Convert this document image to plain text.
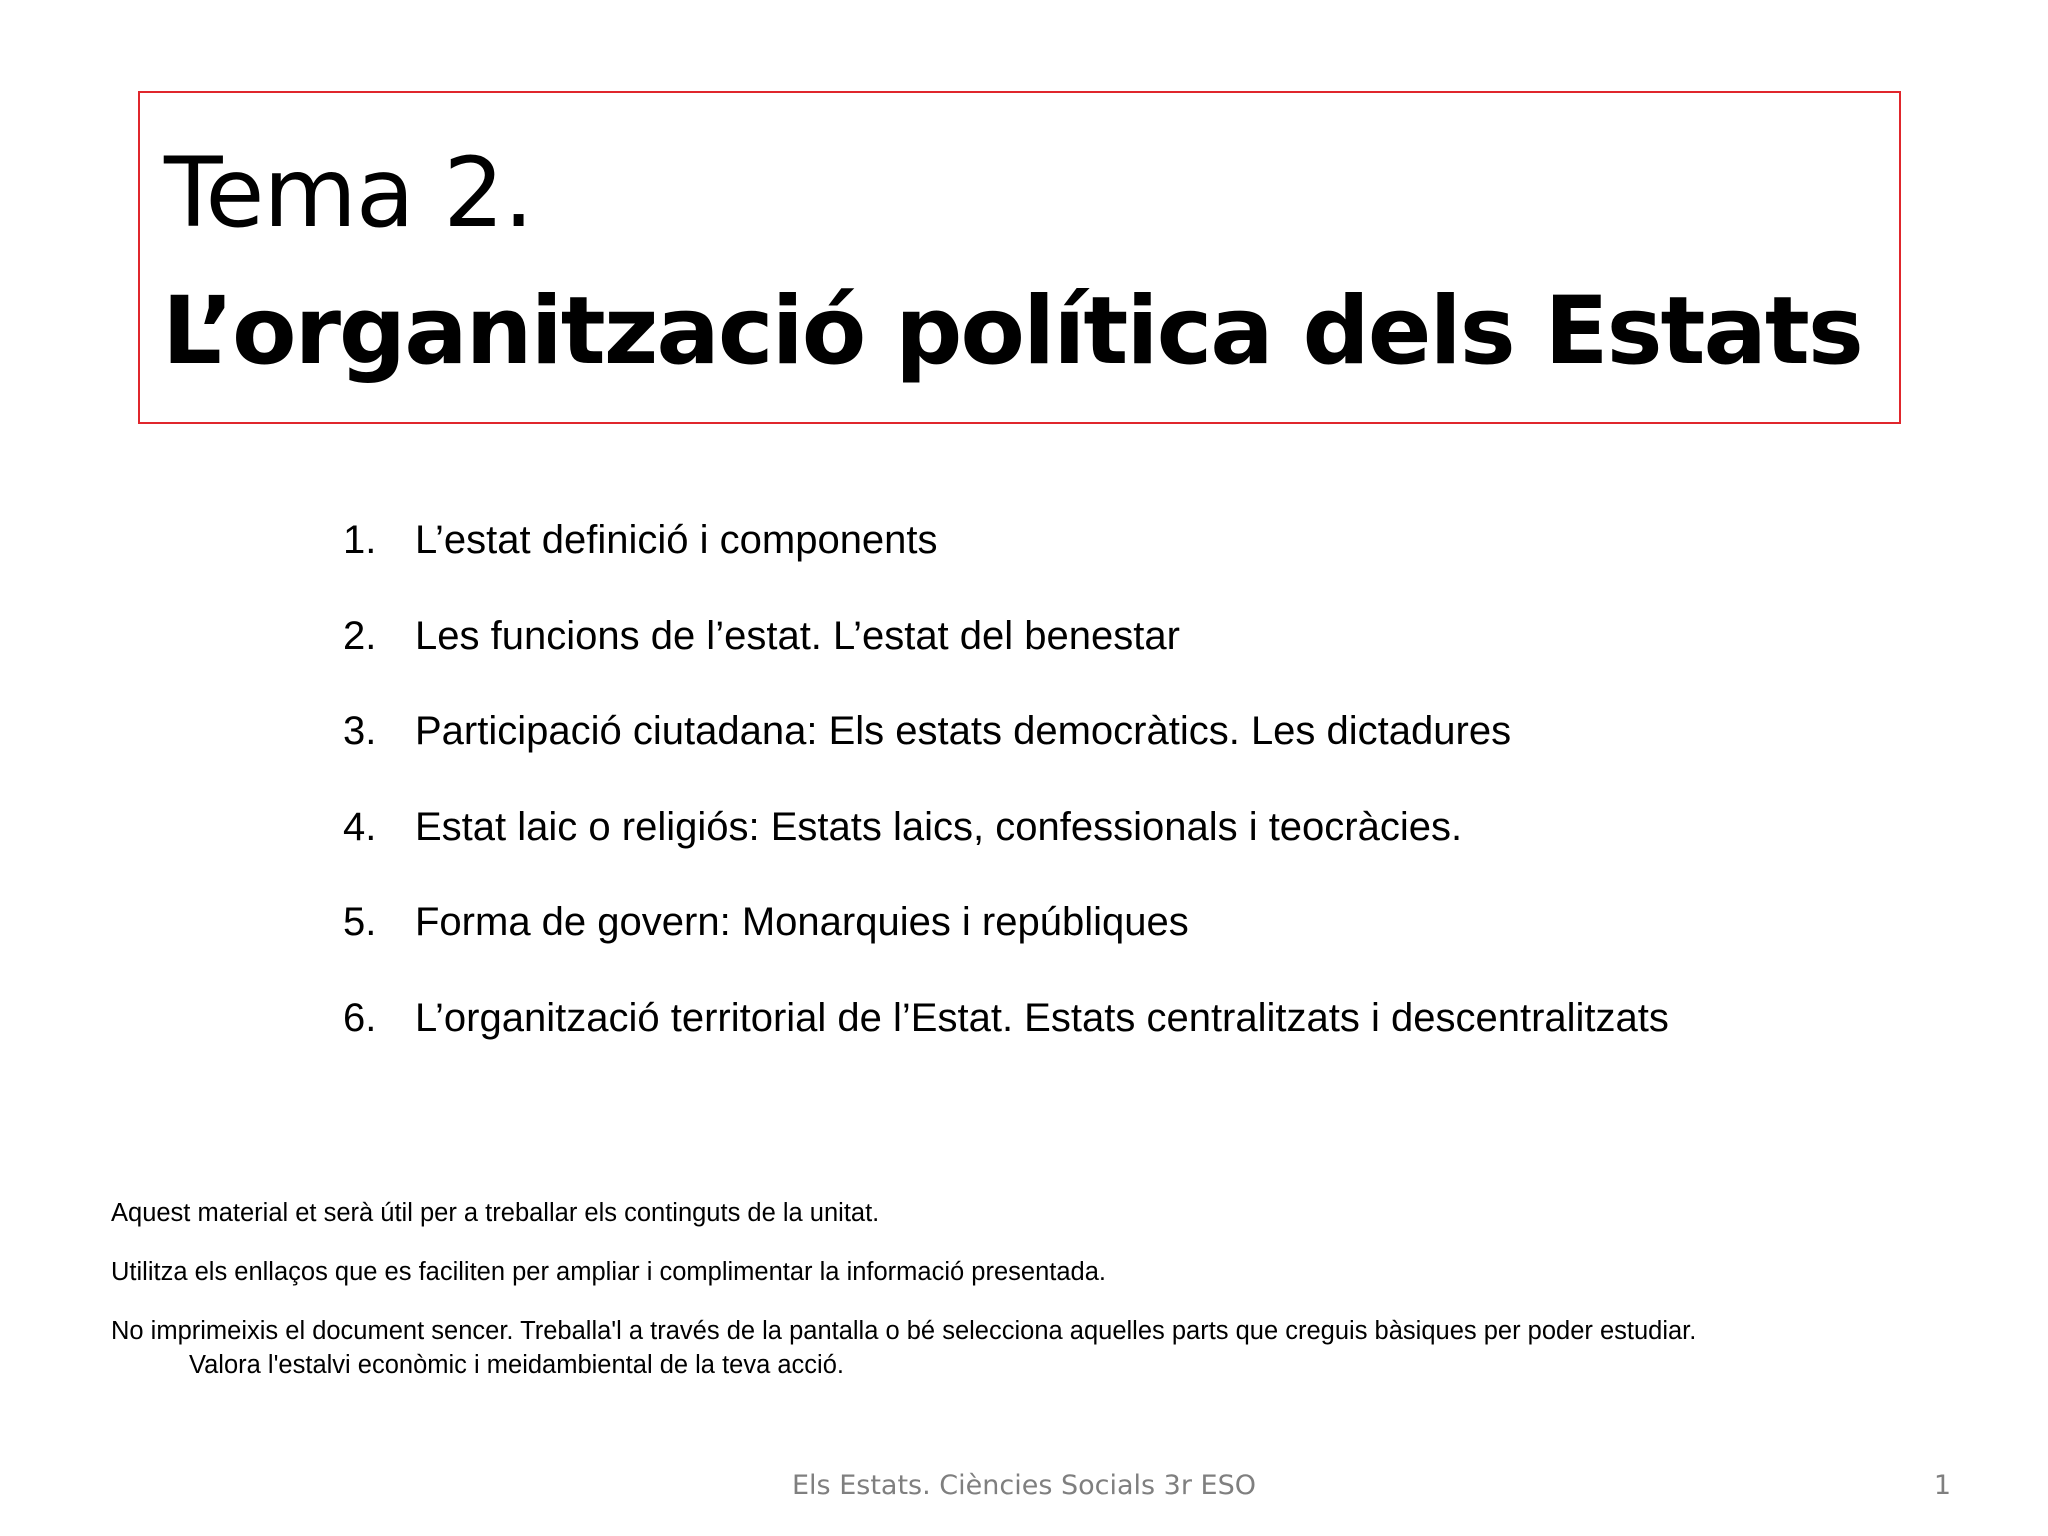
Tema 2.
L’organització política dels Estats
1. L’estat definició i components
2. Les funcions de l’estat. L’estat del benestar
3. Participació ciutadana: Els estats democràtics. Les dictadures
4. Estat laic o religiós: Estats laics, confessionals i teocràcies.
5. Forma de govern: Monarquies i repúbliques
6. L’organització territorial de l’Estat. Estats centralitzats i descentralitzats

Aquest material et serà útil per a treballar els continguts de la unitat.

Utilitza els enllaços que es faciliten per ampliar i complimentar la informació presentada.

No imprimeixis el document sencer. Treballa'l a través de la pantalla o bé selecciona aquelles parts que creguis bàsiques per poder estudiar.
Valora l'estalvi econòmic i meidambiental de la teva acció.

Els Estats. Ciències Socials 3r ESO	1
